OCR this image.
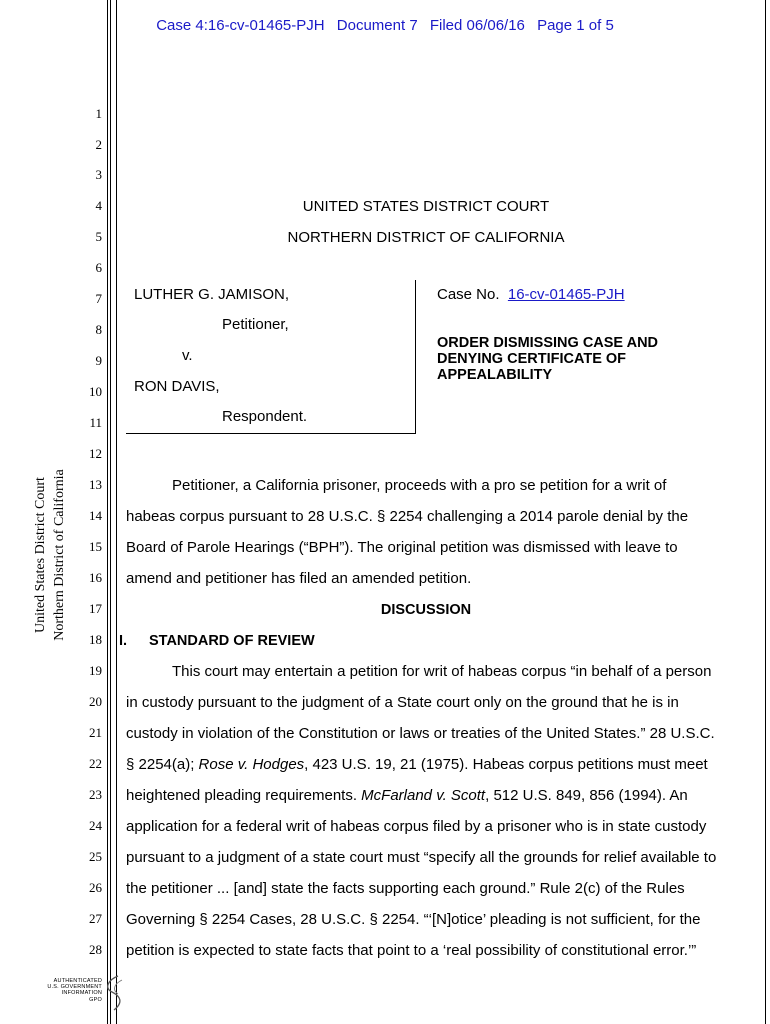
Case 4:16-cv-01465-PJH Document 7 Filed 06/06/16 Page 1 of 5
1
2
3
4
5
6
7
8
9
10
11
12
13
14
15
16
17
18
19
20
21
22
23
24
25
26
27
28
United States District Court Northern District of California
UNITED STATES DISTRICT COURT
NORTHERN DISTRICT OF CALIFORNIA
LUTHER G. JAMISON,
Petitioner,
v.
RON DAVIS,
Respondent.
Case No. 16-cv-01465-PJH
ORDER DISMISSING CASE AND
DENYING CERTIFICATE OF
APPEALABILITY
Petitioner, a California prisoner, proceeds with a pro se petition for a writ of
habeas corpus pursuant to 28 U.S.C. § 2254 challenging a 2014 parole denial by the
Board of Parole Hearings (“BPH”). The original petition was dismissed with leave to
amend and petitioner has filed an amended petition.
DISCUSSION
I. STANDARD OF REVIEW
This court may entertain a petition for writ of habeas corpus “in behalf of a person
in custody pursuant to the judgment of a State court only on the ground that he is in
custody in violation of the Constitution or laws or treaties of the United States.” 28 U.S.C.
§ 2254(a); Rose v. Hodges, 423 U.S. 19, 21 (1975). Habeas corpus petitions must meet
heightened pleading requirements. McFarland v. Scott, 512 U.S. 849, 856 (1994). An
application for a federal writ of habeas corpus filed by a prisoner who is in state custody
pursuant to a judgment of a state court must “specify all the grounds for relief available to
the petitioner ... [and] state the facts supporting each ground.” Rule 2(c) of the Rules
Governing § 2254 Cases, 28 U.S.C. § 2254. “‘[N]otice’ pleading is not sufficient, for the
petition is expected to state facts that point to a ‘real possibility of constitutional error.’”
AUTHENTICATED
U.S. GOVERNMENT
INFORMATION
GPO
